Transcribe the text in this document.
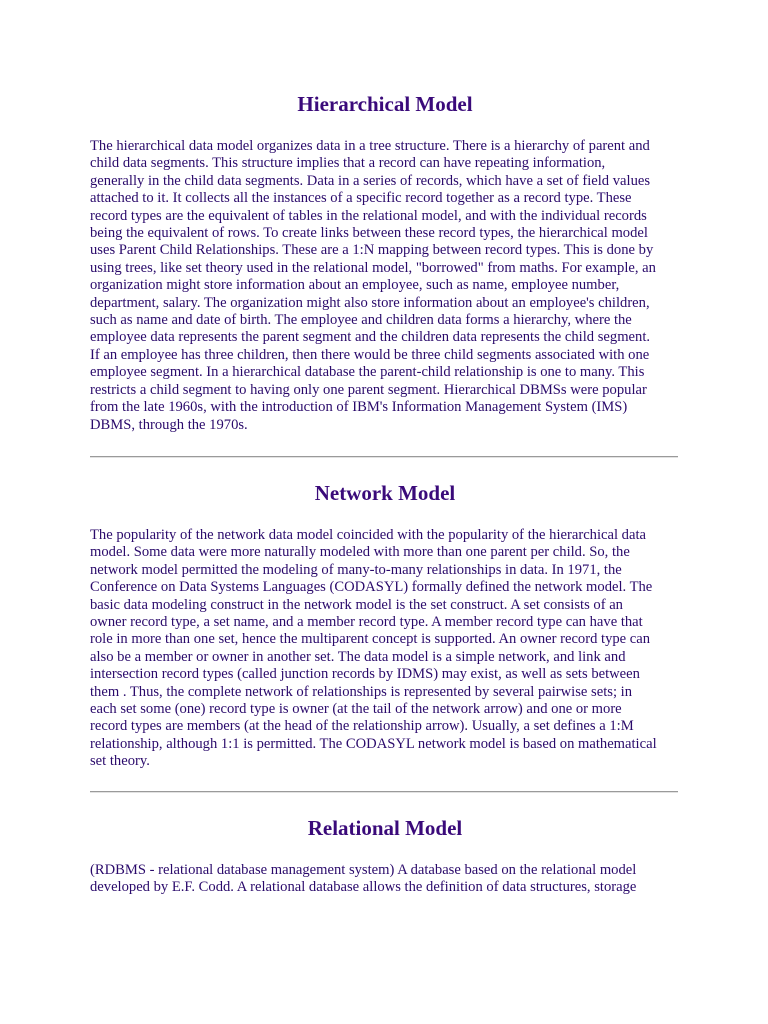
Hierarchical Model

The hierarchical data model organizes data in a tree structure. There is a hierarchy of parent and
child data segments. This structure implies that a record can have repeating information,
generally in the child data segments. Data in a series of records, which have a set of field values
attached to it. It collects all the instances of a specific record together as a record type. These
record types are the equivalent of tables in the relational model, and with the individual records
being the equivalent of rows. To create links between these record types, the hierarchical model
uses Parent Child Relationships. These are a 1:N mapping between record types. This is done by
using trees, like set theory used in the relational model, "borrowed" from maths. For example, an
organization might store information about an employee, such as name, employee number,
department, salary. The organization might also store information about an employee's children,
such as name and date of birth. The employee and children data forms a hierarchy, where the
employee data represents the parent segment and the children data represents the child segment.
If an employee has three children, then there would be three child segments associated with one
employee segment. In a hierarchical database the parent-child relationship is one to many. This
restricts a child segment to having only one parent segment. Hierarchical DBMSs were popular
from the late 1960s, with the introduction of IBM's Information Management System (IMS)
DBMS, through the 1970s.

Network Model

The popularity of the network data model coincided with the popularity of the hierarchical data
model. Some data were more naturally modeled with more than one parent per child. So, the
network model permitted the modeling of many-to-many relationships in data. In 1971, the
Conference on Data Systems Languages (CODASYL) formally defined the network model. The
basic data modeling construct in the network model is the set construct. A set consists of an
owner record type, a set name, and a member record type. A member record type can have that
role in more than one set, hence the multiparent concept is supported. An owner record type can
also be a member or owner in another set. The data model is a simple network, and link and
intersection record types (called junction records by IDMS) may exist, as well as sets between
them . Thus, the complete network of relationships is represented by several pairwise sets; in
each set some (one) record type is owner (at the tail of the network arrow) and one or more
record types are members (at the head of the relationship arrow). Usually, a set defines a 1:M
relationship, although 1:1 is permitted. The CODASYL network model is based on mathematical
set theory.

Relational Model

(RDBMS - relational database management system) A database based on the relational model
developed by E.F. Codd. A relational database allows the definition of data structures, storage
